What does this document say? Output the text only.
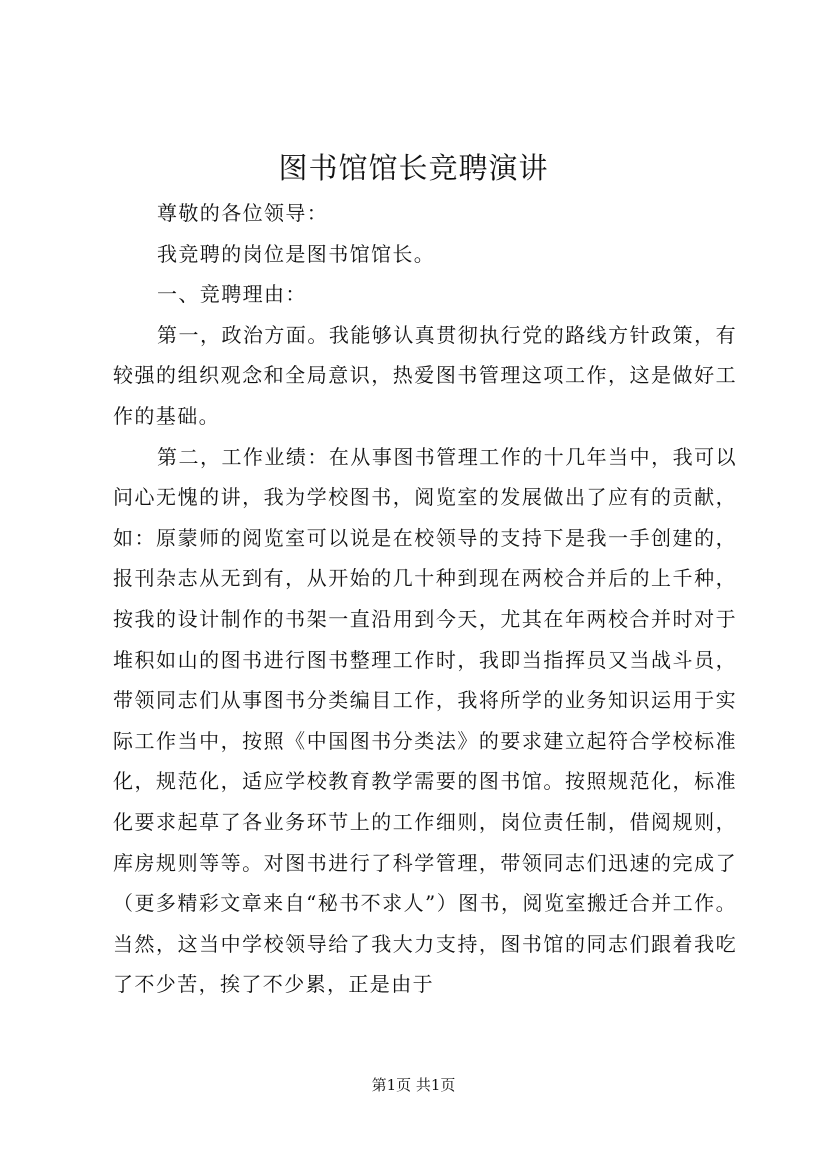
图书馆馆长竞聘演讲

尊敬的各位领导：

我竞聘的岗位是图书馆馆长。

一、竞聘理由：

第一，政治方面。我能够认真贯彻执行党的路线方针政策，有较强的组织观念和全局意识，热爱图书管理这项工作，这是做好工作的基础。

第二，工作业绩：在从事图书管理工作的十几年当中，我可以问心无愧的讲，我为学校图书，阅览室的发展做出了应有的贡献，如：原蒙师的阅览室可以说是在校领导的支持下是我一手创建的，报刊杂志从无到有，从开始的几十种到现在两校合并后的上千种，按我的设计制作的书架一直沿用到今天，尤其在年两校合并时对于堆积如山的图书进行图书整理工作时，我即当指挥员又当战斗员，带领同志们从事图书分类编目工作，我将所学的业务知识运用于实际工作当中，按照《中国图书分类法》的要求建立起符合学校标准化，规范化，适应学校教育教学需要的图书馆。按照规范化，标准化要求起草了各业务环节上的工作细则，岗位责任制，借阅规则，库房规则等等。对图书进行了科学管理，带领同志们迅速的完成了（更多精彩文章来自“秘书不求人”）图书，阅览室搬迁合并工作。当然，这当中学校领导给了我大力支持，图书馆的同志们跟着我吃了不少苦，挨了不少累，正是由于

第1页 共1页
